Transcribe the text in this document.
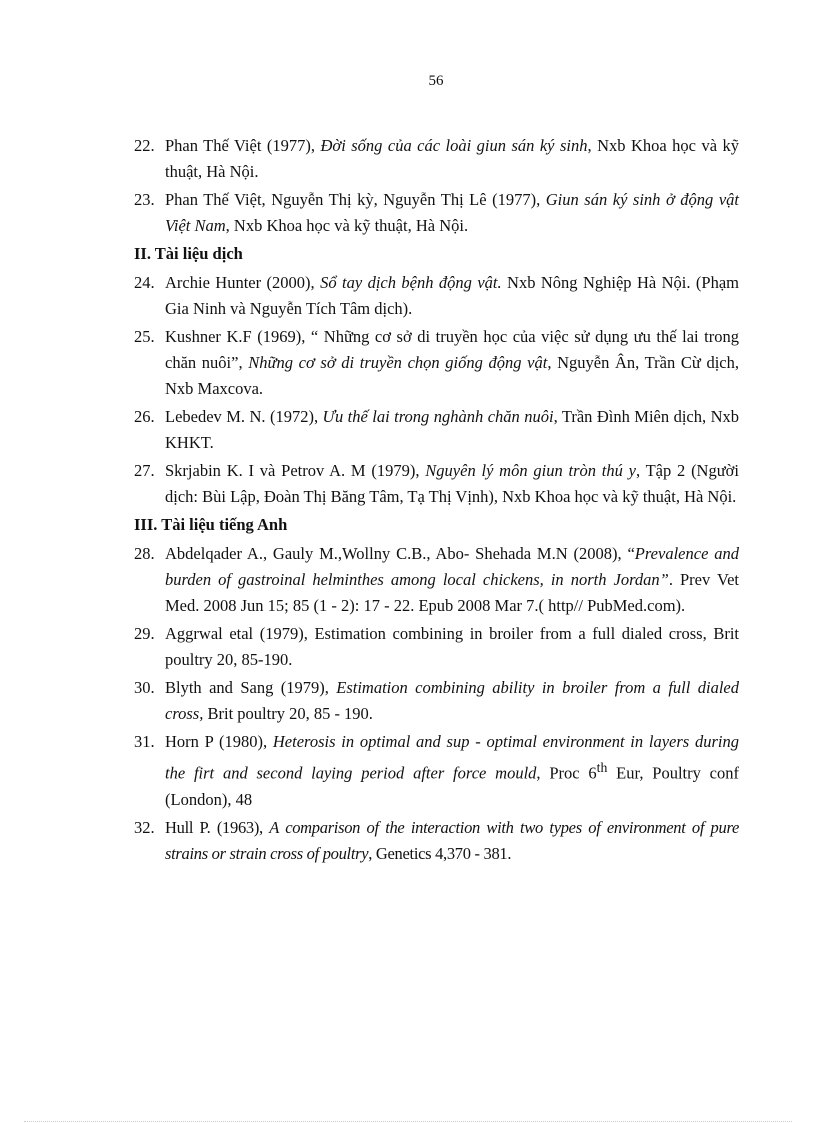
56
22. Phan Thế Việt (1977), Đời sống của các loài giun sán ký sinh, Nxb Khoa học và kỹ thuật, Hà Nội.
23. Phan Thế Việt, Nguyễn Thị kỳ, Nguyễn Thị Lê (1977), Giun sán ký sinh ở động vật Việt Nam, Nxb Khoa học và kỹ thuật, Hà Nội.
II. Tài liệu dịch
24. Archie Hunter (2000), Sổ tay dịch bệnh động vật. Nxb Nông Nghiệp Hà Nội. (Phạm Gia Ninh và Nguyễn Tích Tâm dịch).
25. Kushner K.F (1969), “ Những cơ sở di truyền học của việc sử dụng ưu thế lai trong chăn nuôi”, Những cơ sở di truyền chọn giống động vật, Nguyễn Ân, Trần Cừ dịch, Nxb Maxcova.
26. Lebedev M. N. (1972), Ưu thế lai trong nghành chăn nuôi, Trần Đình Miên dịch, Nxb KHKT.
27. Skrjabin K. I và Petrov A. M (1979), Nguyên lý môn giun tròn thú y, Tập 2 (Người dịch: Bùi Lập, Đoàn Thị Băng Tâm, Tạ Thị Vịnh), Nxb Khoa học và kỹ thuật, Hà Nội.
III. Tài liệu tiếng Anh
28. Abdelqader A., Gauly M.,Wollny C.B., Abo- Shehada M.N (2008), “Prevalence and burden of gastroinal helminthes among local chickens, in north Jordan”. Prev Vet Med. 2008 Jun 15; 85 (1 - 2): 17 - 22. Epub 2008 Mar 7.( http// PubMed.com).
29. Aggrwal etal (1979), Estimation combining in broiler from a full dialed cross, Brit poultry 20, 85-190.
30. Blyth and Sang (1979), Estimation combining ability in broiler from a full dialed cross, Brit poultry 20, 85 - 190.
31. Horn P (1980), Heterosis in optimal and sup - optimal environment in layers during the firt and second laying period after force mould, Proc 6th Eur, Poultry conf (London), 48
32. Hull P. (1963), A comparison of the interaction with two types of environment of pure strains or strain cross of poultry, Genetics 4,370 - 381.
